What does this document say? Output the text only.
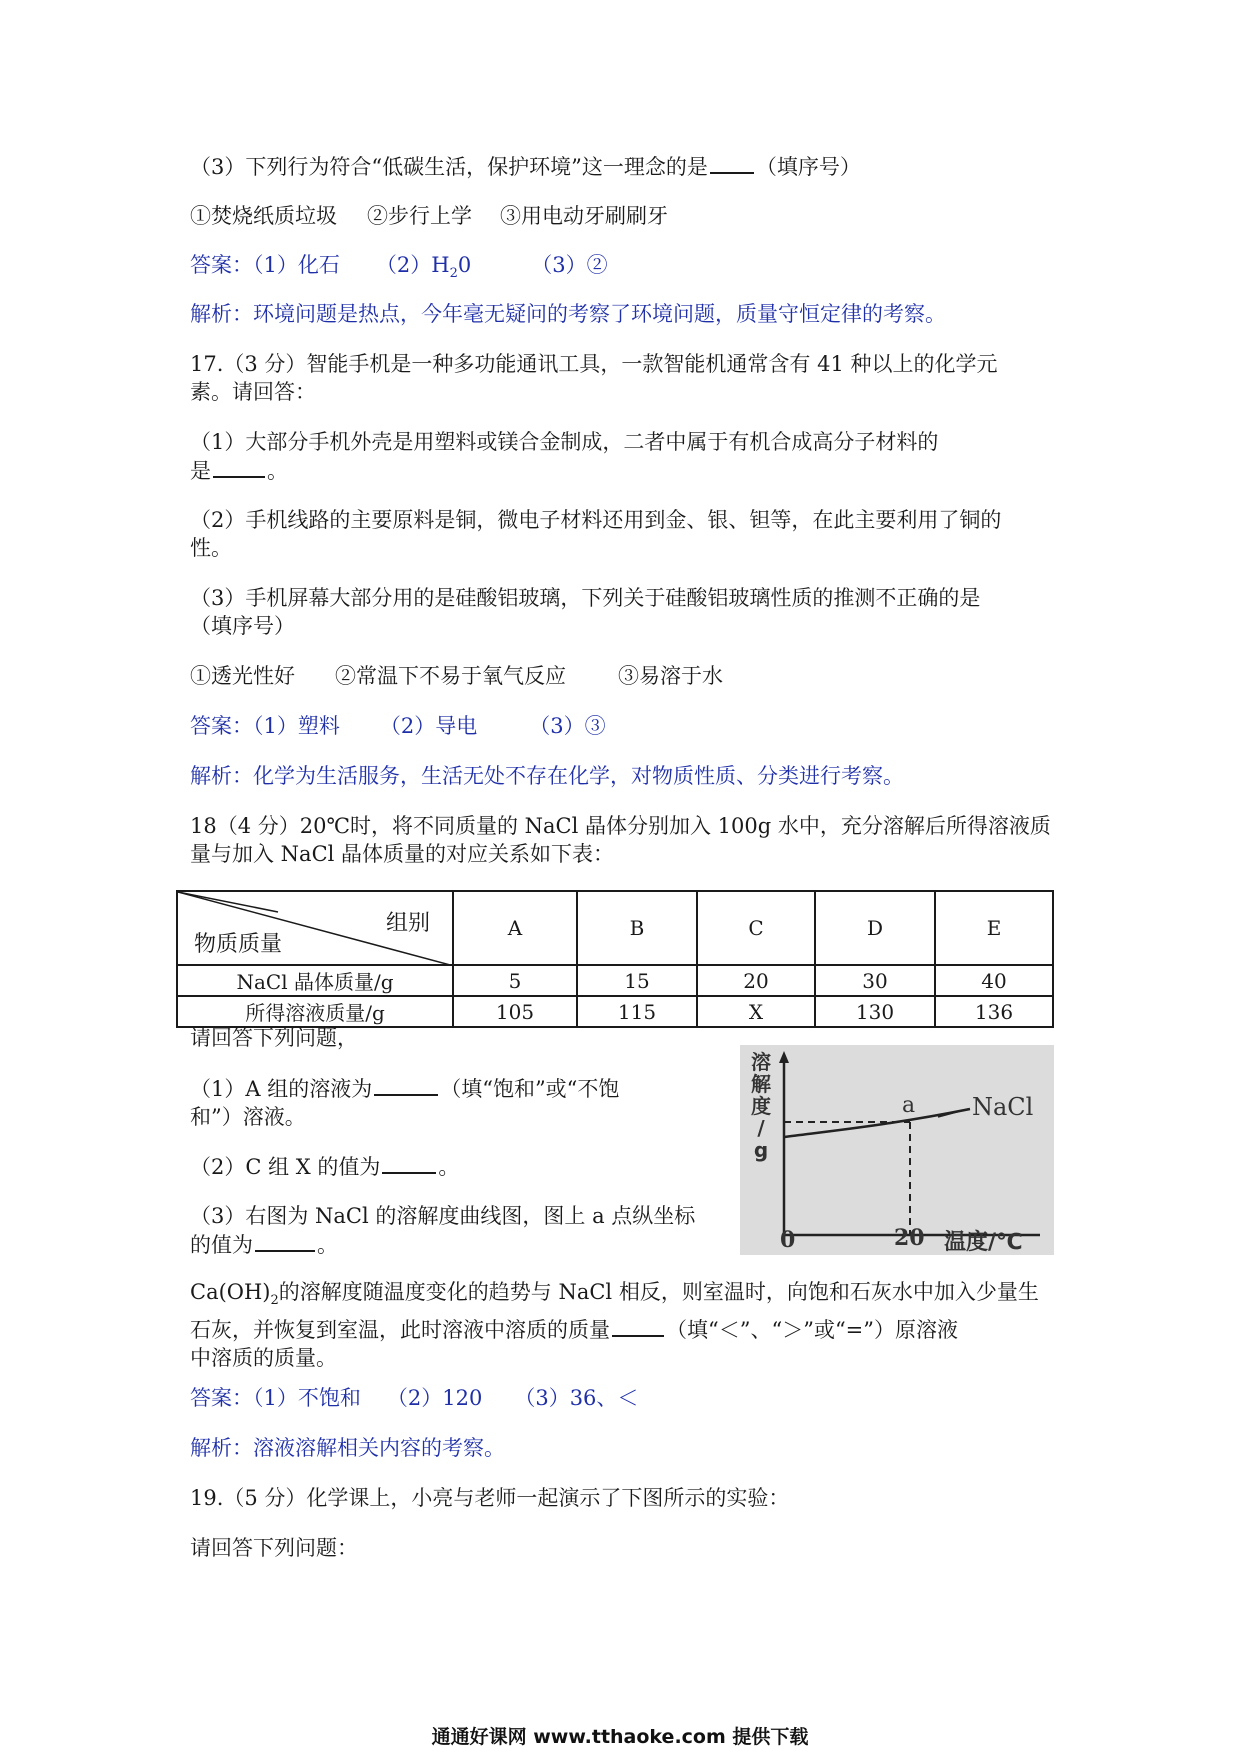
（3）下列行为符合“低碳生活，保护环境”这一理念的是 （填序号）

①焚烧纸质垃圾 ②步行上学 ③用电动牙刷刷牙

答案：（1）化石 $(2)H_20$	（3）②

解析：环境问题是热点，今年毫无疑问的考察了环境问题，质量守恒定律的考察。

17.（3 分）智能手机是一种多功能通讯工具，一款智能机通常含有 41 种以上的化学元
素。请回答：

（1）大部分手机外壳是用塑料或镁合金制成，二者中属于有机合成高分子材料的
是	。

（2）手机线路的主要原料是铜，微电子材料还用到金、银、钽等，在此主要利用了铜的
性。

（3）手机屏幕大部分用的是硅酸铝玻璃，下列关于硅酸铝玻璃性质的推测不正确的是
（填序号）

①透光性好 ②常温下不易于氧气反应 ③易溶于水

答案：（1）塑料 （2）导电 （3）③

解析：化学为生活服务，生活无处不存在化学，对物质性质、分类进行考察。

18（4 分）20℃时，将不同质量的 NaCl 晶体分别加入 100g 水中，充分溶解后所得溶液质
量与加入 NaCl 晶体质量的对应关系如下表：

组别
物质质量	A	B	C	D	E
NaCl 晶体质量/g	5	15	20	30	40
所得溶液质量/g	105	115	X	130	136

请回答下列问题，

（1）A 组的溶液为	（填“饱和”或“不饱
和”）溶液。

（2）C 组 X 的值为	。

（3）右图为 NaCl 的溶解度曲线图，图上 a 点纵坐标
的值为	。

溶
解
度
/
g
a NaCl
0	20 温度/℃

$Ca(OH)_2$的溶解度随温度变化的趋势与 NaCl 相反，则室温时，向饱和石灰水中加入少量生
石灰，并恢复到室温，此时溶液中溶质的质量	（填“＜”、“＞”或“=”）原溶液
中溶质的质量。

答案：（1）不饱和 （2）120 （3）36、＜

解析：溶液溶解相关内容的考察。

19.（5 分）化学课上，小亮与老师一起演示了下图所示的实验：

请回答下列问题：

通通好课网 www.tthaoke.com 提供下载
